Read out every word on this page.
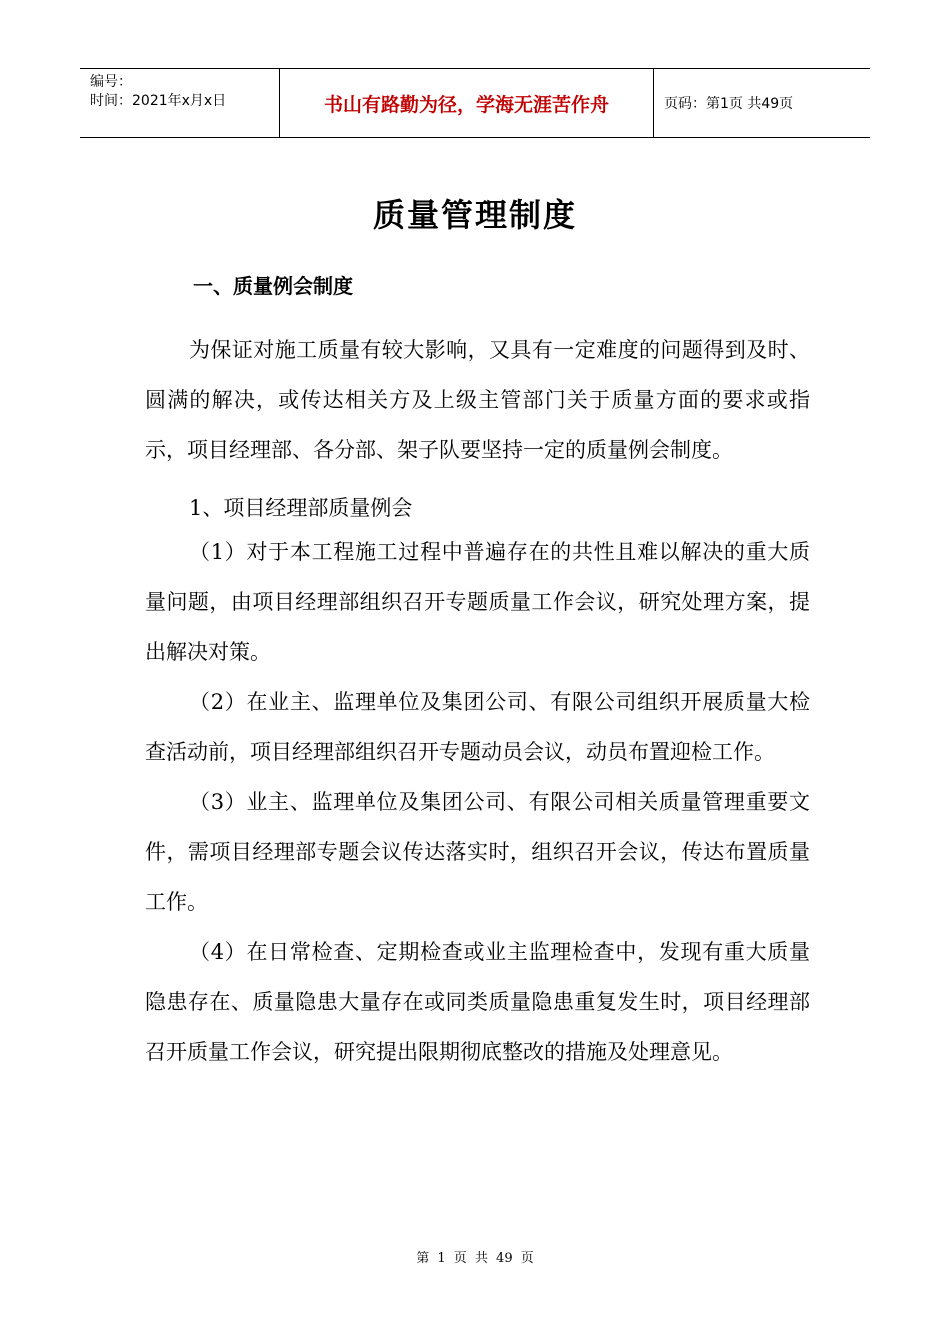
编号：
时间：2021年x月x日	书山有路勤为径，学海无涯苦作舟	页码：第1页 共49页
质量管理制度
一、质量例会制度

为保证对施工质量有较大影响，又具有一定难度的问题得到及时、圆满的解决，或传达相关方及上级主管部门关于质量方面的要求或指示，项目经理部、各分部、架子队要坚持一定的质量例会制度。

1、项目经理部质量例会

（1）对于本工程施工过程中普遍存在的共性且难以解决的重大质量问题，由项目经理部组织召开专题质量工作会议，研究处理方案，提出解决对策。

（2）在业主、监理单位及集团公司、有限公司组织开展质量大检查活动前，项目经理部组织召开专题动员会议，动员布置迎检工作。

（3）业主、监理单位及集团公司、有限公司相关质量管理重要文件，需项目经理部专题会议传达落实时，组织召开会议，传达布置质量工作。

（4）在日常检查、定期检查或业主监理检查中，发现有重大质量隐患存在、质量隐患大量存在或同类质量隐患重复发生时，项目经理部召开质量工作会议，研究提出限期彻底整改的措施及处理意见。

第 1 页 共 49 页
